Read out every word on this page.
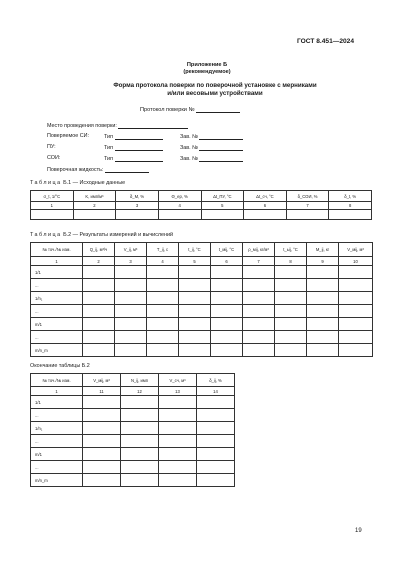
ГОСТ 8.451—2024
Приложение Б
(рекомендуемое)
Форма протокола поверки по поверочной установке с мерниками
и/или весовыми устройствами
Протокол поверки №
Место проведения поверки:
Поверяемое СИ:	Тип	Зав. №
ПУ:	Тип	Зав. №
СОИ:	Тип	Зав. №
Поверочная жидкость:
Таблица Б.1 — Исходные данные
σ_t, 1/°C	K, имп/м³	δ_M, %	Θ_ер, %	Δt_ПУ, °C	Δt_сч, °C	δ_СОИ, %	δ_t, %
1	2	3	4	5	6	7	8

Таблица Б.2 — Результаты измерений и вычислений
№ точ./№ изм.	Q_ij, м³/ч	V_ij, м³	T_ij, с	t_ij, °C	t_мij, °C	ρ_мij, кг/м³	t_ьij, °C	M_ij, кг	V_мij, м³
1	2	3	4	5	6	7	8	9	10
1/1									
...									
1/n₁									
...									
m/1									
...									
m/n_m									
Окончание таблицы Б.2
№ точ./№ изм.	V_мij, м³	N_ij, имп	V_сч, м³	δ_ij, %
1	11	12	13	14
1/1				
...				
1/n₁				
...				
m/1				
...				
m/n_m				
19
